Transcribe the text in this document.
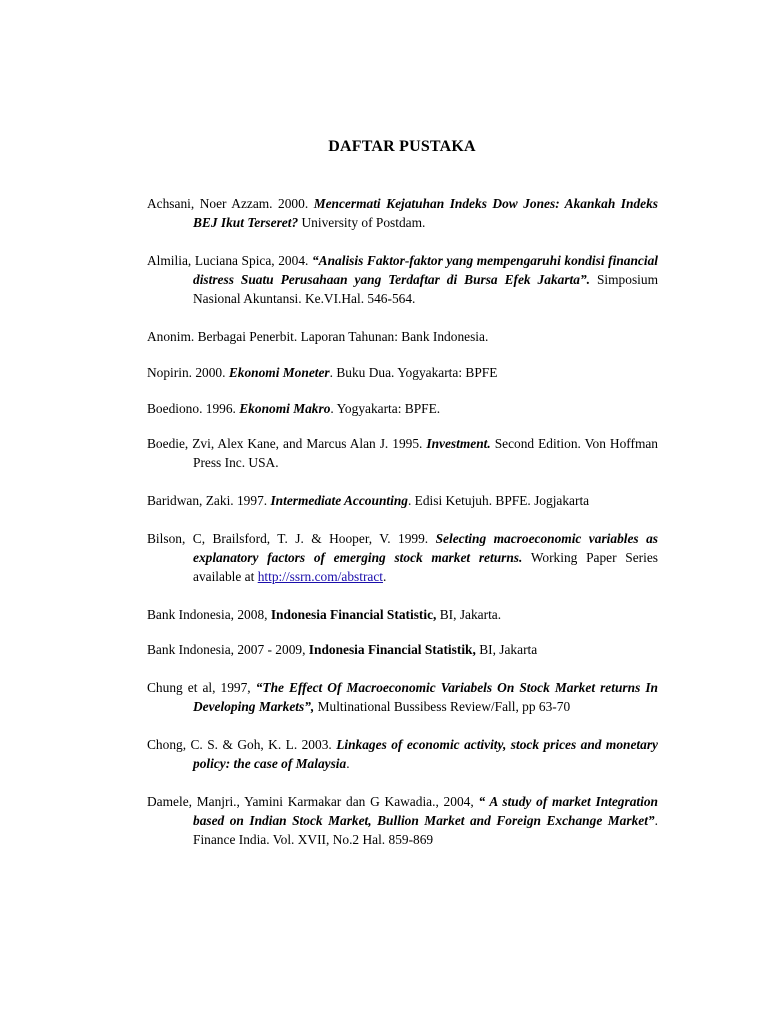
DAFTAR PUSTAKA

Achsani, Noer Azzam. 2000. Mencermati Kejatuhan Indeks Dow Jones: Akankah Indeks BEJ Ikut Terseret? University of Postdam.

Almilia, Luciana Spica, 2004. “Analisis Faktor-faktor yang mempengaruhi kondisi financial distress Suatu Perusahaan yang Terdaftar di Bursa Efek Jakarta”. Simposium Nasional Akuntansi. Ke.VI.Hal. 546-564.

Anonim. Berbagai Penerbit. Laporan Tahunan: Bank Indonesia.

Nopirin. 2000. Ekonomi Moneter. Buku Dua. Yogyakarta: BPFE

Boediono. 1996. Ekonomi Makro. Yogyakarta: BPFE.

Boedie, Zvi, Alex Kane, and Marcus Alan J. 1995. Investment. Second Edition. Von Hoffman Press Inc. USA.

Baridwan, Zaki. 1997. Intermediate Accounting. Edisi Ketujuh. BPFE. Jogjakarta

Bilson, C, Brailsford, T. J. & Hooper, V. 1999. Selecting macroeconomic variables as explanatory factors of emerging stock market returns. Working Paper Series available at http://ssrn.com/abstract.

Bank Indonesia, 2008, Indonesia Financial Statistic, BI, Jakarta.

Bank Indonesia, 2007 - 2009, Indonesia Financial Statistik, BI, Jakarta

Chung et al, 1997, “The Effect Of Macroeconomic Variabels On Stock Market returns In Developing Markets”, Multinational Bussibess Review/Fall, pp 63-70

Chong, C. S. & Goh, K. L. 2003. Linkages of economic activity, stock prices and monetary policy: the case of Malaysia.

Damele, Manjri., Yamini Karmakar dan G Kawadia., 2004, “ A study of market Integration based on Indian Stock Market, Bullion Market and Foreign Exchange Market”. Finance India. Vol. XVII, No.2 Hal. 859-869
